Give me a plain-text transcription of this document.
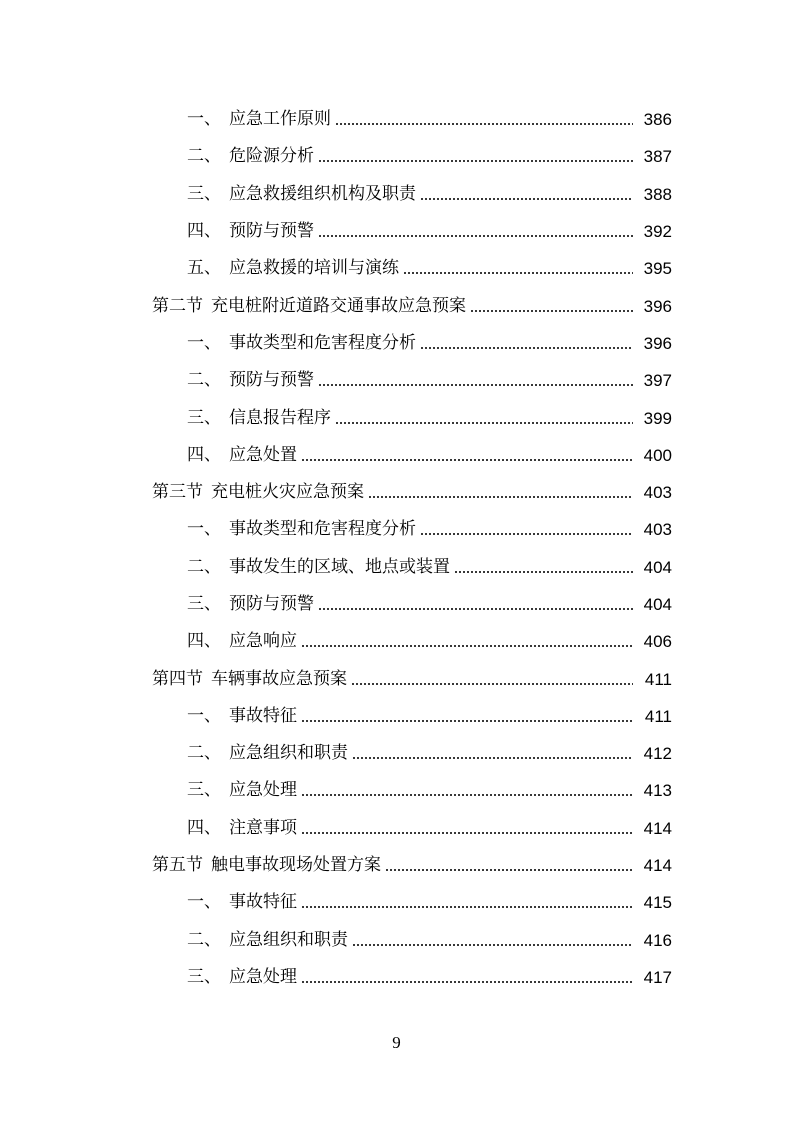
一、 应急工作原则	386
二、 危险源分析	387
三、 应急救援组织机构及职责	388
四、 预防与预警	392
五、 应急救援的培训与演练	395
第二节 充电桩附近道路交通事故应急预案	396
一、 事故类型和危害程度分析	396
二、 预防与预警	397
三、 信息报告程序	399
四、 应急处置	400
第三节 充电桩火灾应急预案	403
一、 事故类型和危害程度分析	403
二、 事故发生的区域、地点或装置	404
三、 预防与预警	404
四、 应急响应	406
第四节 车辆事故应急预案	411
一、 事故特征	411
二、 应急组织和职责	412
三、 应急处理	413
四、 注意事项	414
第五节 触电事故现场处置方案	414
一、 事故特征	415
二、 应急组织和职责	416
三、 应急处理	417
9
